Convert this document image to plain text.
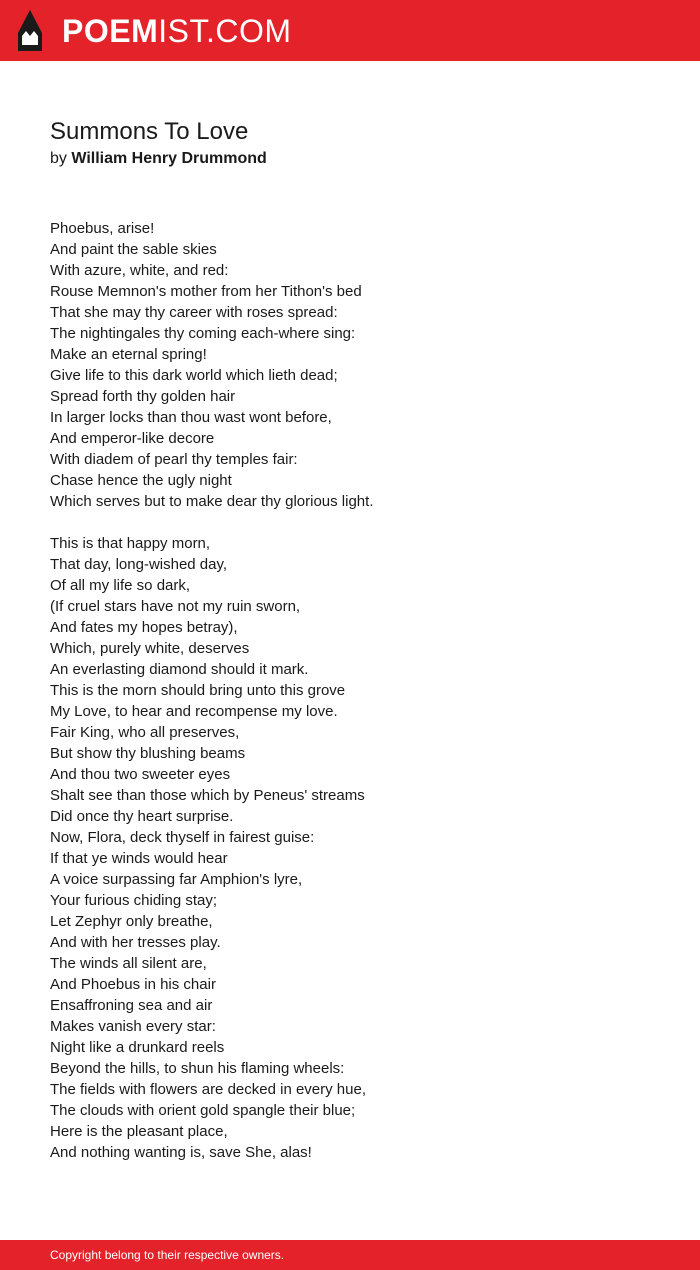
POEMIST.COM
Summons To Love
by William Henry Drummond
Phoebus, arise!
And paint the sable skies
With azure, white, and red:
Rouse Memnon's mother from her Tithon's bed
That she may thy career with roses spread:
The nightingales thy coming each-where sing:
Make an eternal spring!
Give life to this dark world which lieth dead;
Spread forth thy golden hair
In larger locks than thou wast wont before,
And emperor-like decore
With diadem of pearl thy temples fair:
Chase hence the ugly night
Which serves but to make dear thy glorious light.
This is that happy morn,
That day, long-wished day,
Of all my life so dark,
(If cruel stars have not my ruin sworn,
And fates my hopes betray),
Which, purely white, deserves
An everlasting diamond should it mark.
This is the morn should bring unto this grove
My Love, to hear and recompense my love.
Fair King, who all preserves,
But show thy blushing beams
And thou two sweeter eyes
Shalt see than those which by Peneus' streams
Did once thy heart surprise.
Now, Flora, deck thyself in fairest guise:
If that ye winds would hear
A voice surpassing far Amphion's lyre,
Your furious chiding stay;
Let Zephyr only breathe,
And with her tresses play.
The winds all silent are,
And Phoebus in his chair
Ensaffroning sea and air
Makes vanish every star:
Night like a drunkard reels
Beyond the hills, to shun his flaming wheels:
The fields with flowers are decked in every hue,
The clouds with orient gold spangle their blue;
Here is the pleasant place,
And nothing wanting is, save She, alas!
Copyright belong to their respective owners.
